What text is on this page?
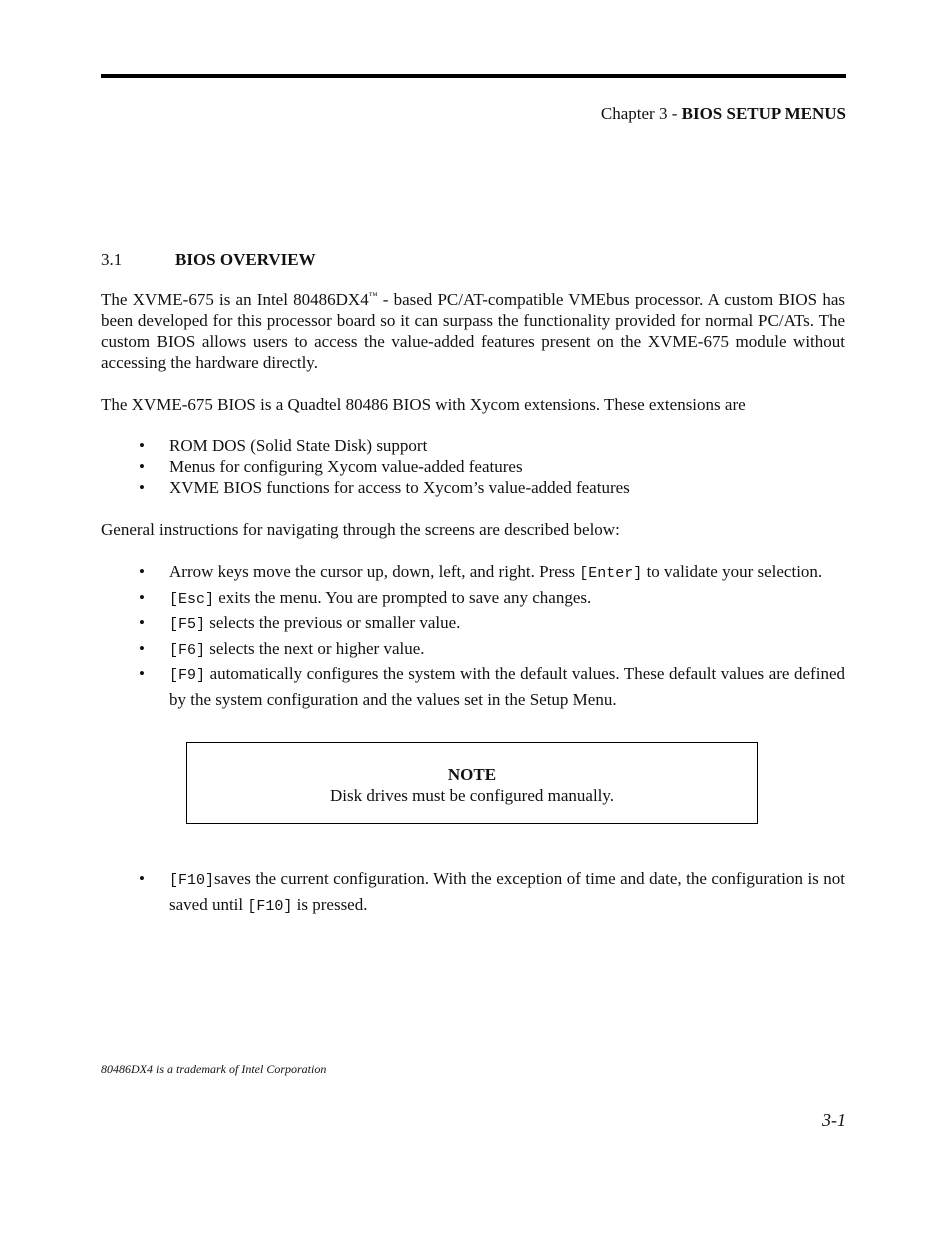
Chapter 3 - BIOS SETUP MENUS
3.1	BIOS OVERVIEW

The XVME-675 is an Intel 80486DX4™ - based PC/AT-compatible VMEbus processor. A custom BIOS has been developed for this processor board so it can surpass the functionality provided for normal PC/ATs. The custom BIOS allows users to access the value-added features present on the XVME-675 module without accessing the hardware directly.

The XVME-675 BIOS is a Quadtel 80486 BIOS with Xycom extensions. These extensions are

• ROM DOS (Solid State Disk) support
• Menus for configuring Xycom value-added features
• XVME BIOS functions for access to Xycom’s value-added features

General instructions for navigating through the screens are described below:

• Arrow keys move the cursor up, down, left, and right. Press [Enter] to validate your selection.
• [Esc] exits the menu. You are prompted to save any changes.
• [F5] selects the previous or smaller value.
• [F6] selects the next or higher value.
• [F9] automatically configures the system with the default values. These default values are defined by the system configuration and the values set in the Setup Menu.
NOTE
Disk drives must be configured manually.
• [F10]saves the current configuration. With the exception of time and date, the configuration is not saved until [F10] is pressed.
80486DX4 is a trademark of Intel Corporation
3-1
